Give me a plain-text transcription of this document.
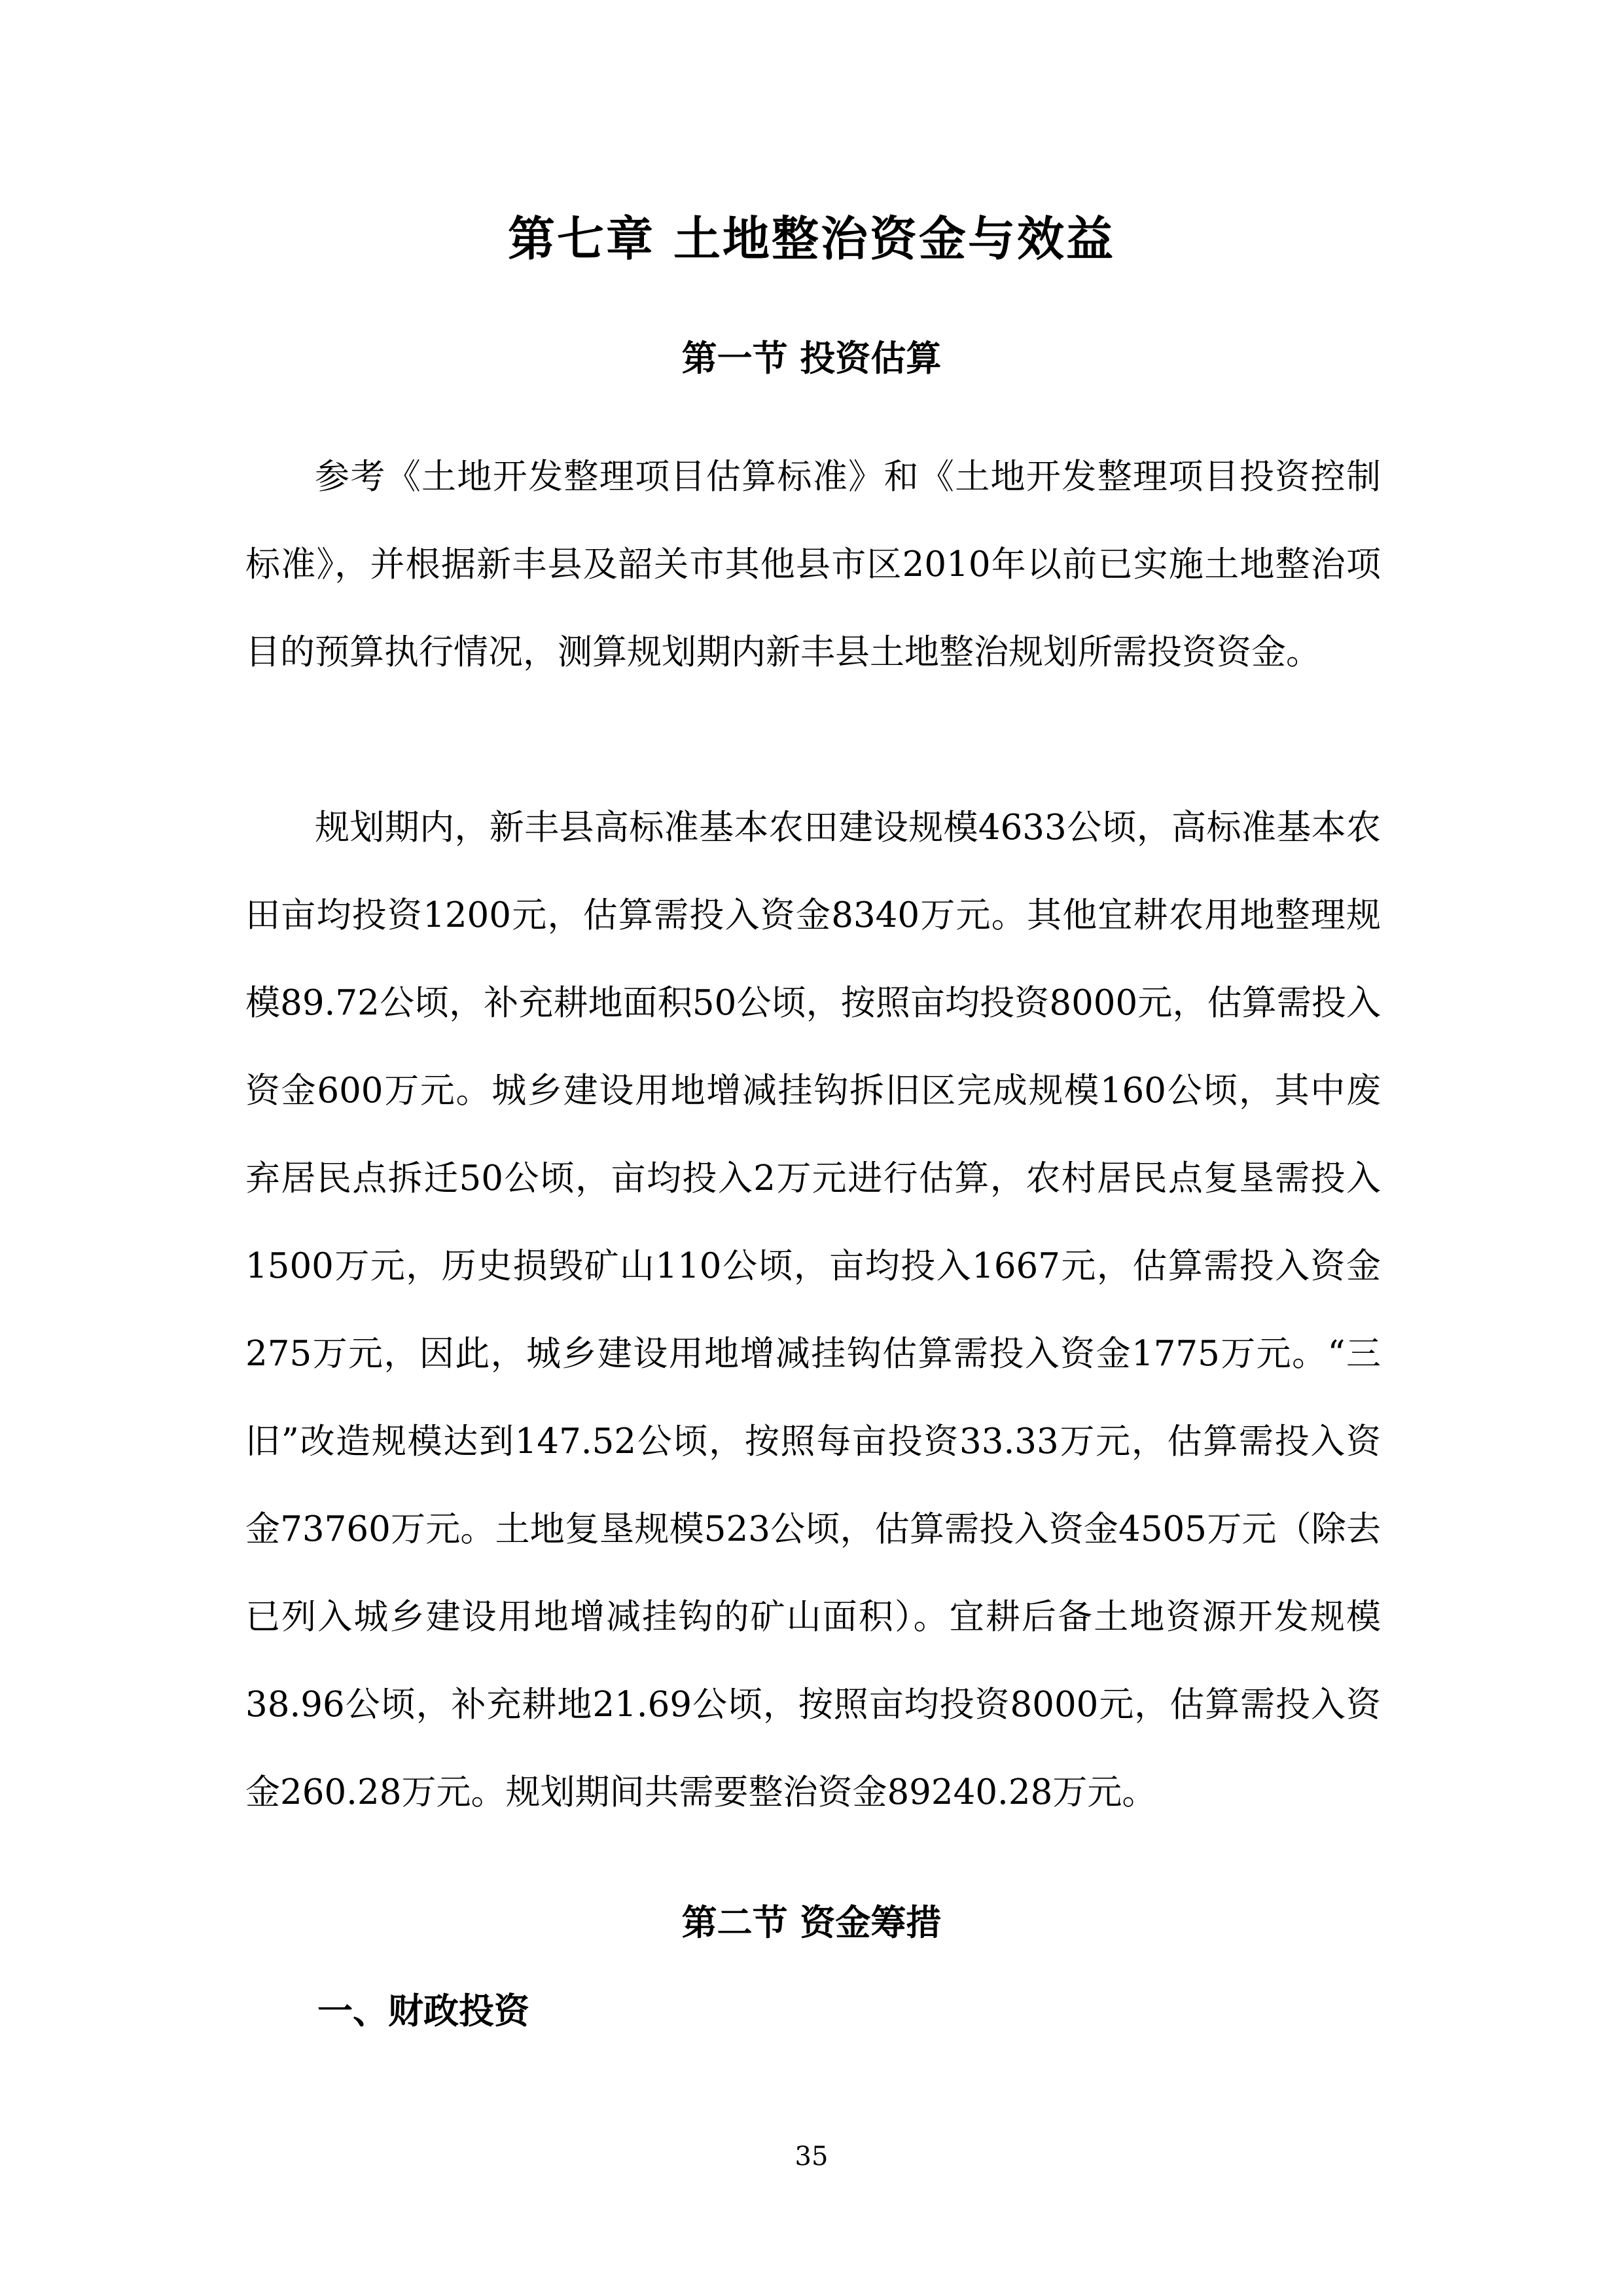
第七章 土地整治资金与效益
第一节 投资估算

参考《土地开发整理项目估算标准》和《土地开发整理项目投资控制标准》，并根据新丰县及韶关市其他县市区2010年以前已实施土地整治项目的预算执行情况，测算规划期内新丰县土地整治规划所需投资资金。

规划期内，新丰县高标准基本农田建设规模4633公顷，高标准基本农田亩均投资1200元，估算需投入资金8340万元。其他宜耕农用地整理规模89.72公顷，补充耕地面积50公顷，按照亩均投资8000元，估算需投入资金600万元。城乡建设用地增减挂钩拆旧区完成规模160公顷，其中废弃居民点拆迁50公顷，亩均投入2万元进行估算，农村居民点复垦需投入1500万元，历史损毁矿山110公顷，亩均投入1667元，估算需投入资金275万元，因此，城乡建设用地增减挂钩估算需投入资金1775万元。“三旧”改造规模达到147.52公顷，按照每亩投资33.33万元，估算需投入资金73760万元。土地复垦规模523公顷，估算需投入资金4505万元（除去已列入城乡建设用地增减挂钩的矿山面积）。宜耕后备土地资源开发规模38.96公顷，补充耕地21.69公顷，按照亩均投资8000元，估算需投入资金260.28万元。规划期间共需要整治资金89240.28万元。

第二节 资金筹措
一、财政投资
35
